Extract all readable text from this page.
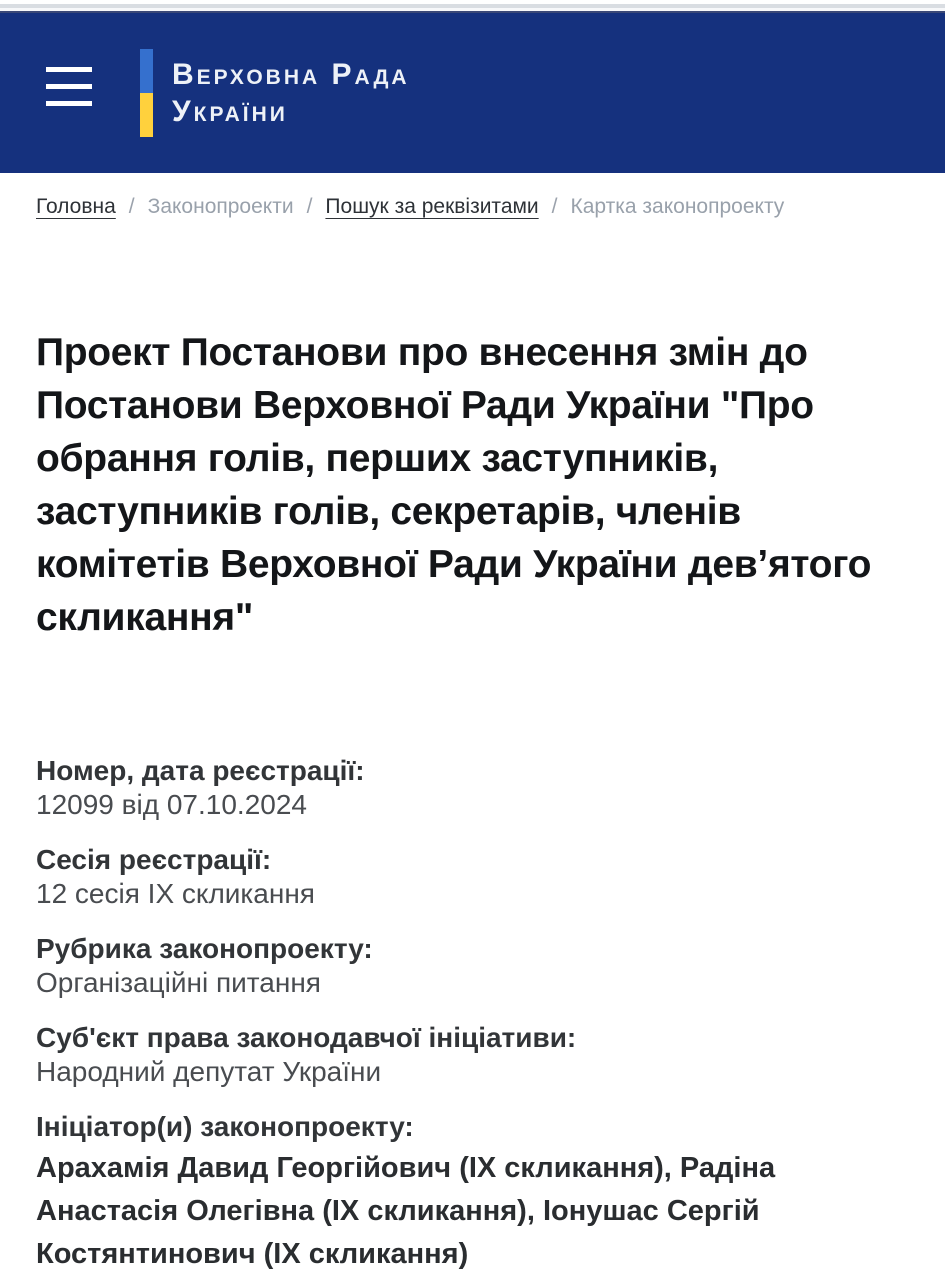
Верховна Рада
України
Головна / Законопроекти / Пошук за реквізитами / Картка законопроекту
Проект Постанови про внесення змін до Постанови Верховної Ради України "Про обрання голів, перших заступників, заступників голів, секретарів, членів комітетів Верховної Ради України дев’ятого скликання"
Номер, дата реєстрації:
12099 від 07.10.2024
Сесія реєстрації:
12 сесія IX скликання
Рубрика законопроекту:
Організаційні питання
Суб'єкт права законодавчої ініціативи:
Народний депутат України
Ініціатор(и) законопроекту:
Арахамія Давид Георгійович (IX скликання), Радіна Анастасія Олегівна (IX скликання), Іонушас Сергій Костянтинович (IX скликання)
